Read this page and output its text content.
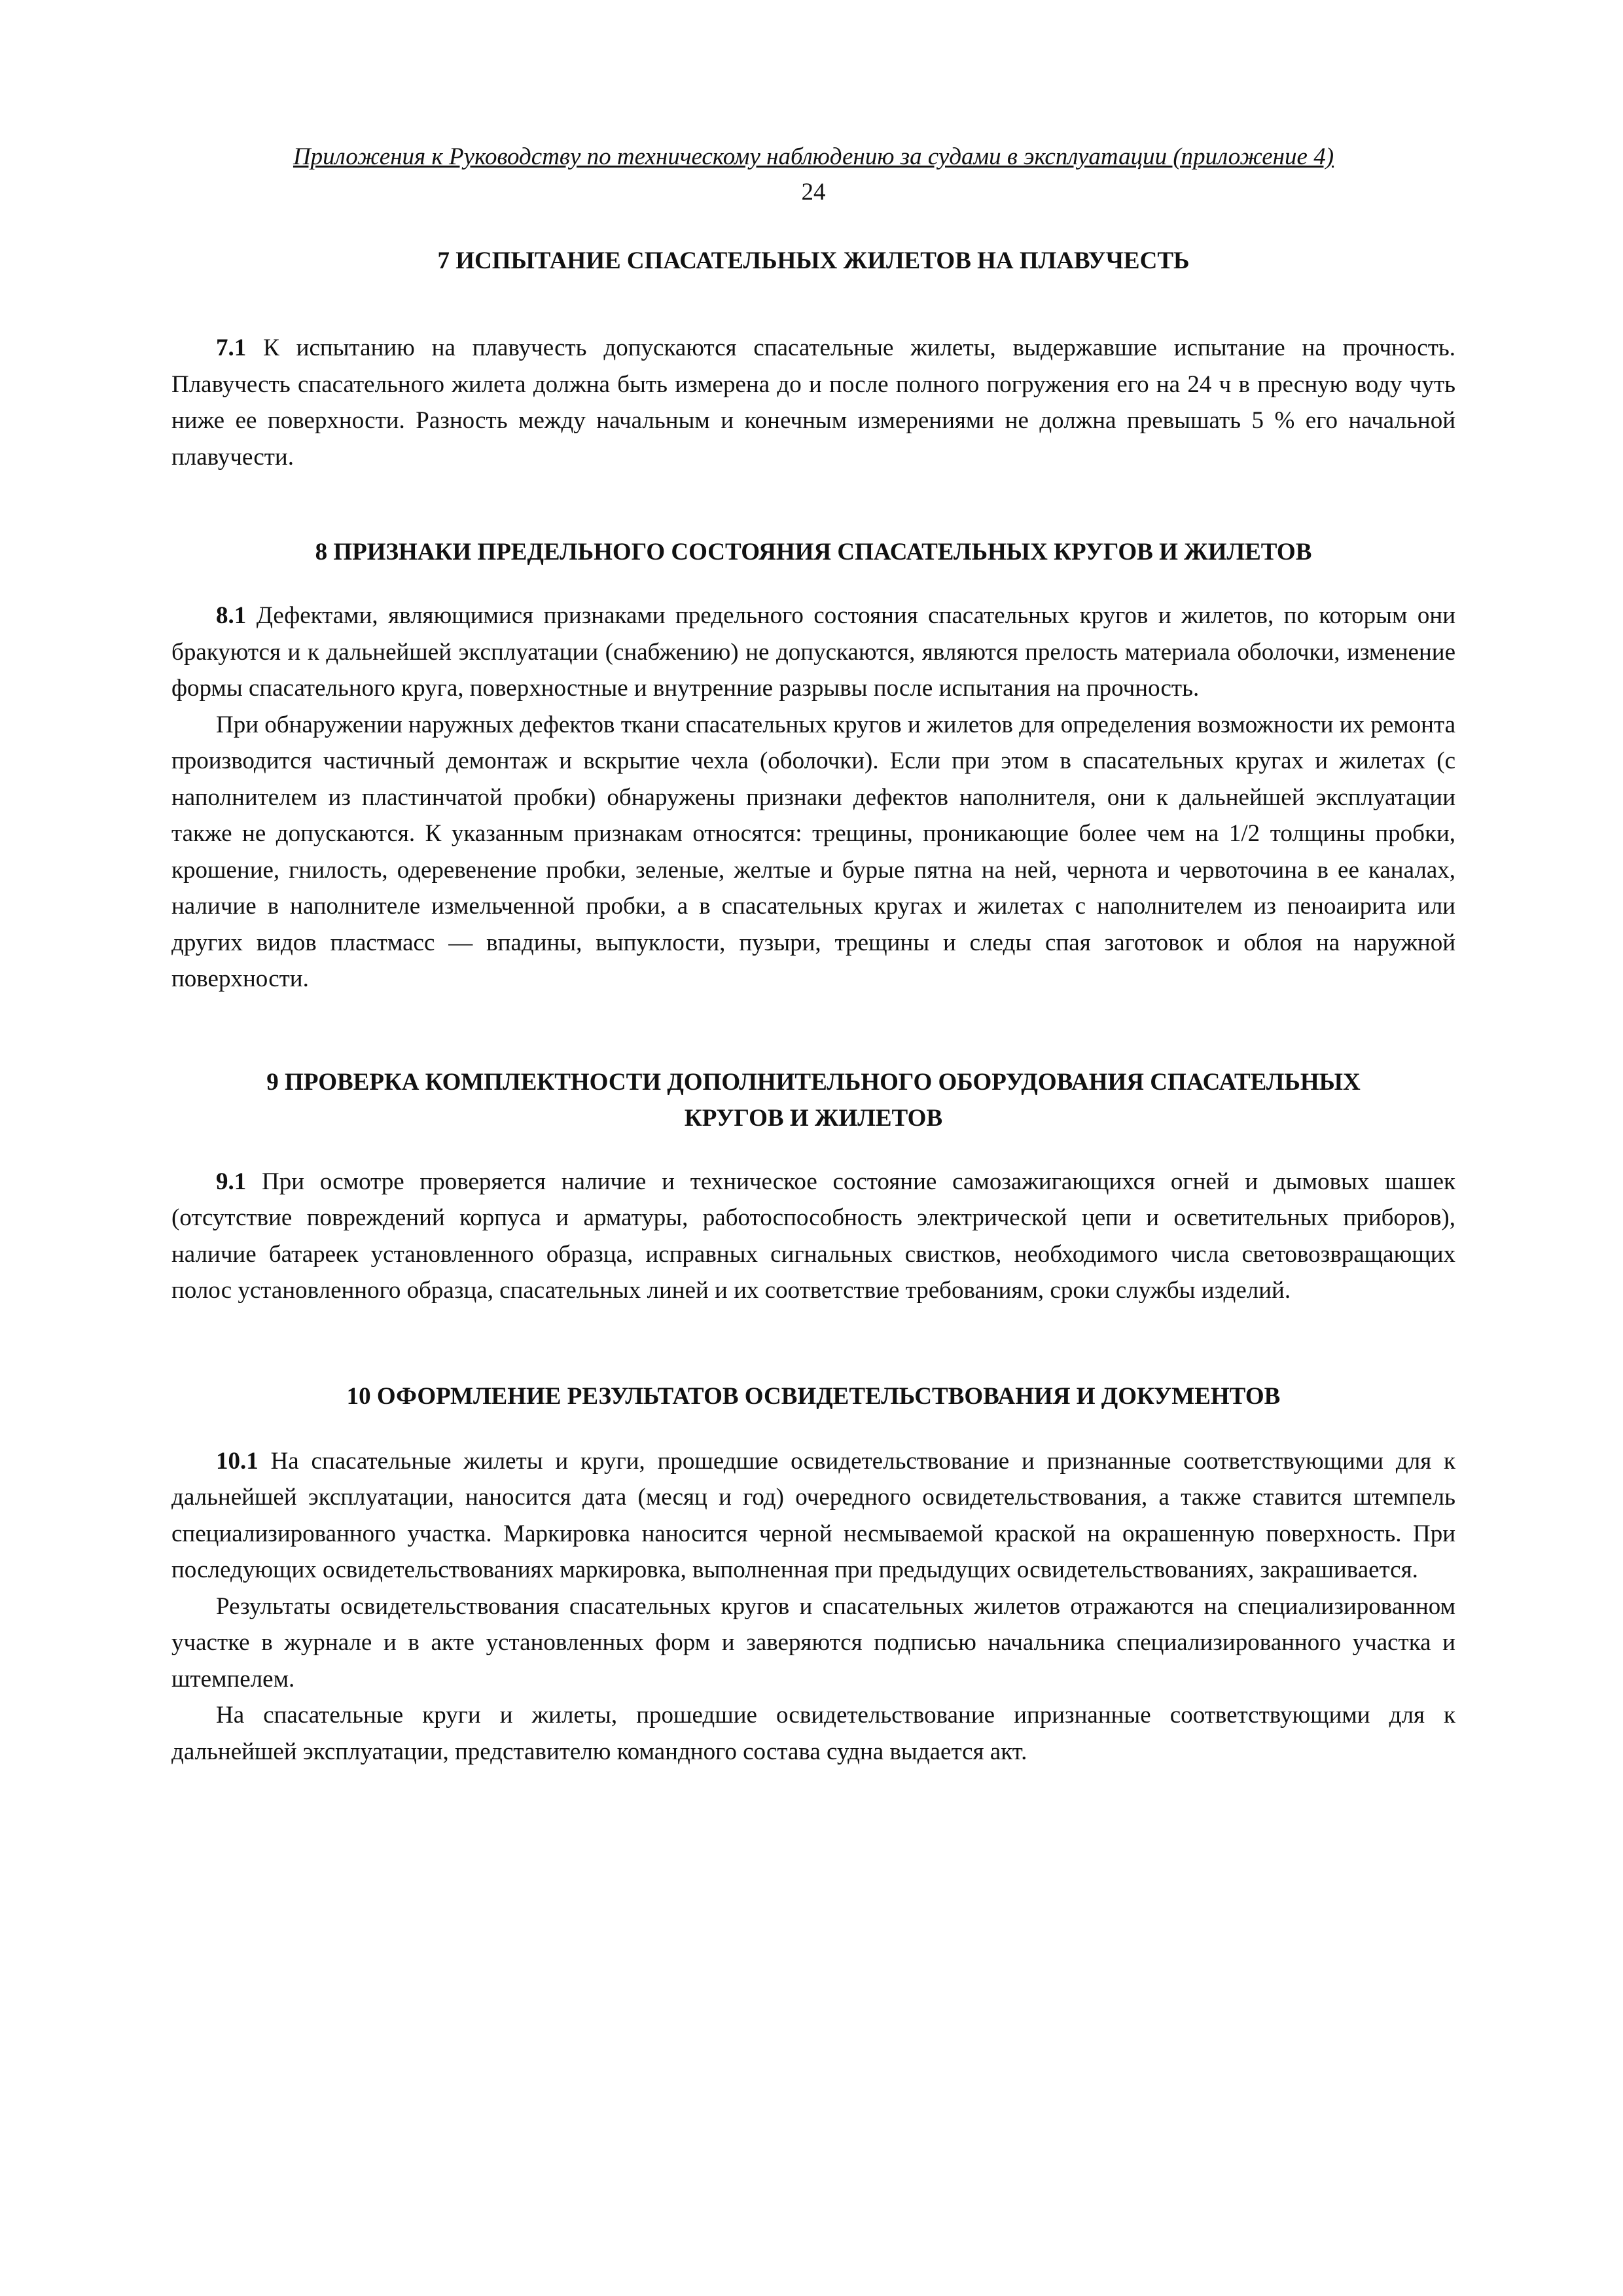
Приложения к Руководству по техническому наблюдению за судами в эксплуатации (приложение 4)
24
7 ИСПЫТАНИЕ СПАСАТЕЛЬНЫХ ЖИЛЕТОВ НА ПЛАВУЧЕСТЬ

7.1 К испытанию на плавучесть допускаются спасательные жилеты, выдержавшие испытание на прочность. Плавучесть спасательного жилета должна быть измерена до и после полного погружения его на 24 ч в пресную воду чуть ниже ее поверхности. Разность между начальным и конечным измерениями не должна превышать 5 % его начальной плавучести.

8 ПРИЗНАКИ ПРЕДЕЛЬНОГО СОСТОЯНИЯ СПАСАТЕЛЬНЫХ КРУГОВ И ЖИЛЕТОВ

8.1 Дефектами, являющимися признаками предельного состояния спасательных кругов и жилетов, по которым они бракуются и к дальнейшей эксплуатации (снабжению) не допускаются, являются прелость материала оболочки, изменение формы спасательного круга, поверхностные и внутренние разрывы после испытания на прочность.

При обнаружении наружных дефектов ткани спасательных кругов и жилетов для определения возможности их ремонта производится частичный демонтаж и вскрытие чехла (оболочки). Если при этом в спасательных кругах и жилетах (с наполнителем из пластинчатой пробки) обнаружены признаки дефектов наполнителя, они к дальнейшей эксплуатации также не допускаются. К указанным признакам относятся: трещины, проникающие более чем на 1/2 толщины пробки, крошение, гнилость, одеревенение пробки, зеленые, желтые и бурые пятна на ней, чернота и червоточина в ее каналах, наличие в наполнителе измельченной пробки, а в спасательных кругах и жилетах с наполнителем из пеноаирита или других видов пластмасс — впадины, выпуклости, пузыри, трещины и следы спая заготовок и облоя на наружной поверхности.

9 ПРОВЕРКА КОМПЛЕКТНОСТИ ДОПОЛНИТЕЛЬНОГО ОБОРУДОВАНИЯ СПАСАТЕЛЬНЫХ
КРУГОВ И ЖИЛЕТОВ

9.1 При осмотре проверяется наличие и техническое состояние самозажигающихся огней и дымовых шашек (отсутствие повреждений корпуса и арматуры, работоспособность электрической цепи и осветительных приборов), наличие батареек установленного образца, исправных сигнальных свистков, необходимого числа световозвращающих полос установленного образца, спасательных линей и их соответствие требованиям, сроки службы изделий.

10 ОФОРМЛЕНИЕ РЕЗУЛЬТАТОВ ОСВИДЕТЕЛЬСТВОВАНИЯ И ДОКУМЕНТОВ

10.1 На спасательные жилеты и круги, прошедшие освидетельствование и признанные соответствующими для к дальнейшей эксплуатации, наносится дата (месяц и год) очередного освидетельствования, а также ставится штемпель специализированного участка. Маркировка наносится черной несмываемой краской на окрашенную поверхность. При последующих освидетельствованиях маркировка, выполненная при предыдущих освидетельствованиях, закрашивается.

Результаты освидетельствования спасательных кругов и спасательных жилетов отражаются на специализированном участке в журнале и в акте установленных форм и заверяются подписью начальника специализированного участка и штемпелем.

На спасательные круги и жилеты, прошедшие освидетельствование ипризнанные соответствующими для к дальнейшей эксплуатации, представителю командного состава судна выдается акт.
